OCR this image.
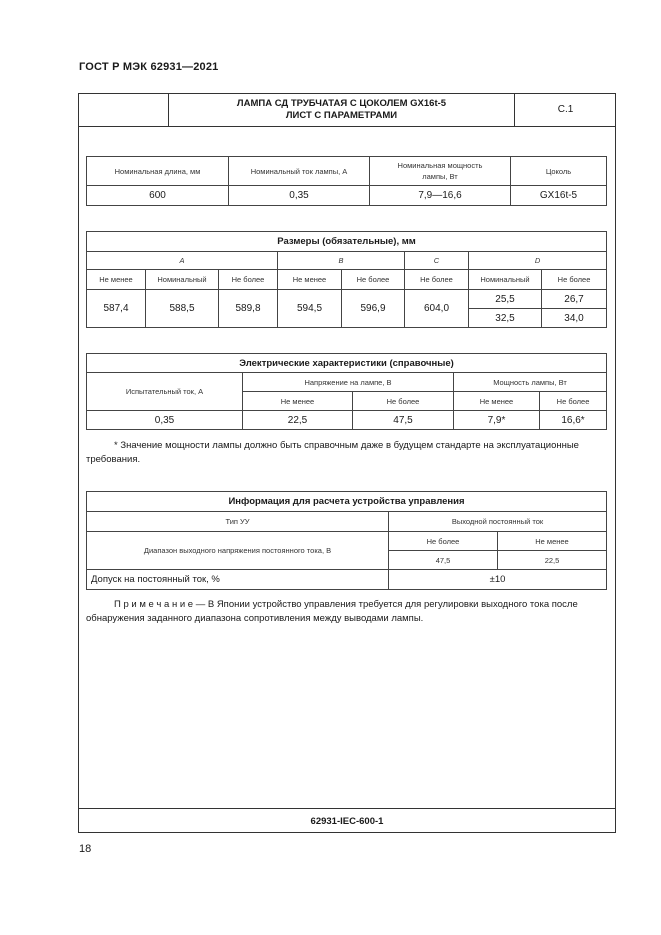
ГОСТ Р МЭК 62931—2021
ЛАМПА СД ТРУБЧАТАЯ С ЦОКОЛЕМ GX16t-5
ЛИСТ С ПАРАМЕТРАМИ	С.1
Номинальная длина, мм	Номинальный ток лампы, А	Номинальная мощность лампы, Вт	Цоколь
600	0,35	7,9—16,6	GX16t-5
Размеры (обязательные), мм							
A			B		C	D	
Не менее	Номинальный	Не более	Не менее	Не более	Не более	Номинальный	Не более
587,4	588,5	589,8	594,5	596,9	604,0	25,5	26,7
						32,5	34,0
Электрические характеристики (справочные)				
Испытательный ток, А	Напряжение на лампе, В		Мощность лампы, Вт	
	Не менее	Не более	Не менее	Не более
0,35	22,5	47,5	7,9*	16,6*
* Значение мощности лампы должно быть справочным даже в будущем стандарте на эксплуатационные
требования.
Информация для расчета устройства управления		
Тип УУ	Выходной постоянный ток	
Диапазон выходного напряжения постоянного тока, В	Не более	Не менее
	47,5	22,5
Допуск на постоянный ток, %	±10	
П р и м е ч а н и е — В Японии устройство управления требуется для регулировки выходного тока после
обнаружения заданного диапазона сопротивления между выводами лампы.
62931-IEC-600-1
18
